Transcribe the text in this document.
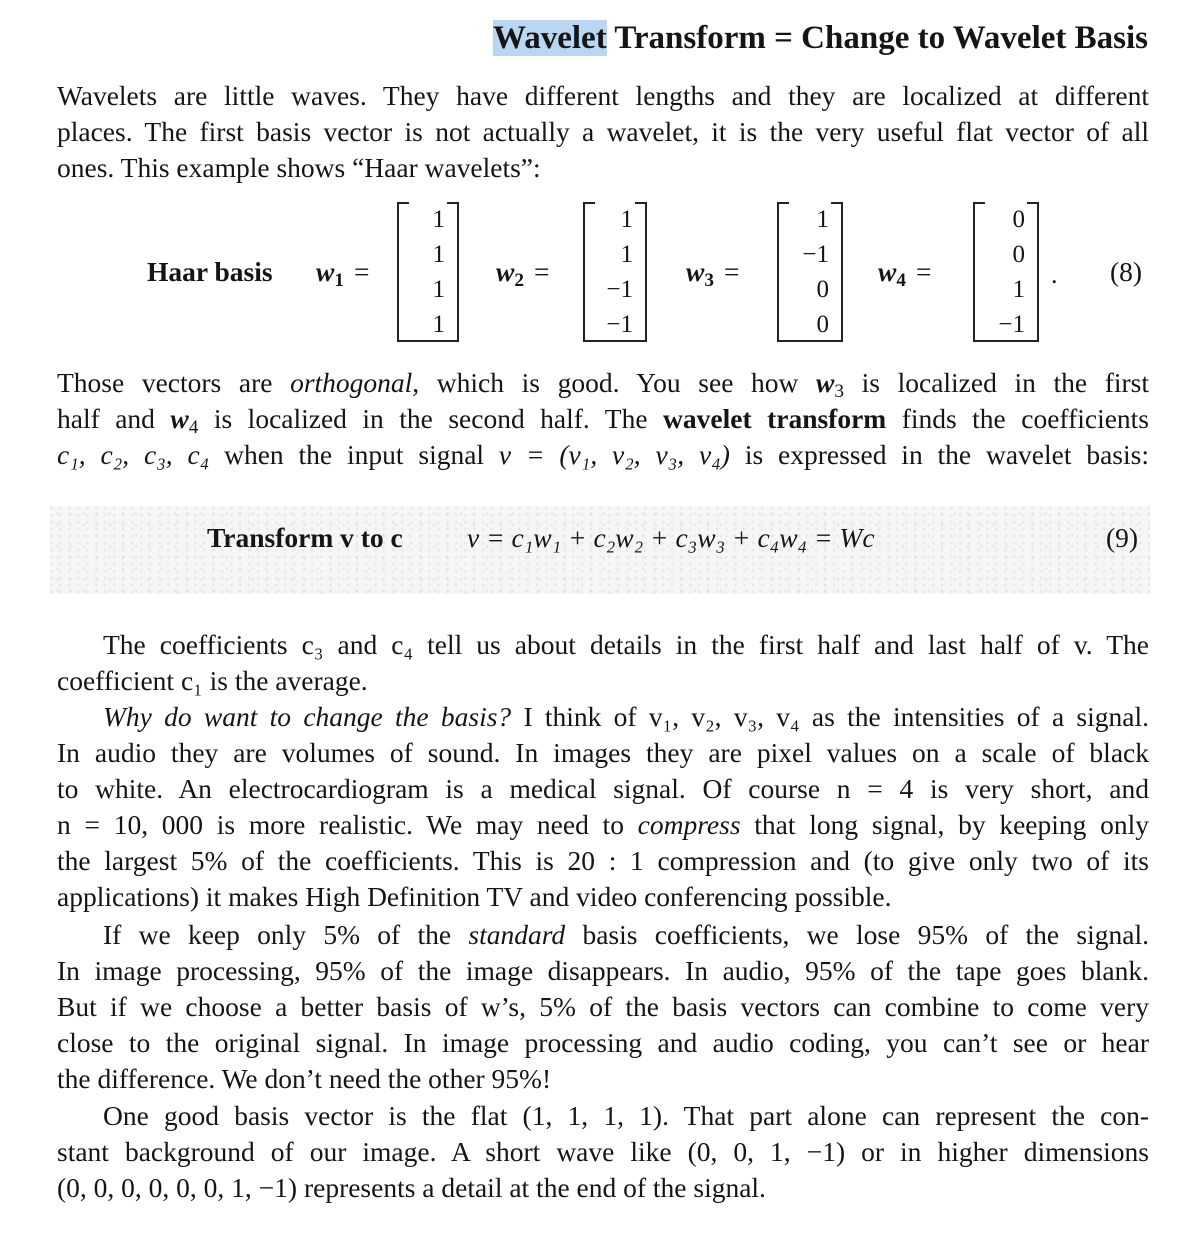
Wavelet Transform = Change to Wavelet Basis
Wavelets are little waves. They have different lengths and they are localized at different
places. The first basis vector is not actually a wavelet, it is the very useful flat vector of all
ones. This example shows “Haar wavelets”:
Haar basis $w_1$ =
1
1
1
1
$w_2$ =
1
1
−1
−1
$w_3$ =
1
−1
0
0
$w_4$ =
0
0
1
−1
. (8)
Those vectors are orthogonal, which is good. You see how $w_3$ is localized in the first
half and $w_4$ is localized in the second half. The wavelet transform finds the coefficients
c₁, c₂, c₃, c₄ when the input signal v = (v₁, v₂, v₃, v₄) is expressed in the wavelet basis:
Transform v to c v = c₁w₁ + c₂w₂ + c₃w₃ + c₄w₄ = Wc	(9)
The coefficients c₃ and c₄ tell us about details in the first half and last half of v. The
coefficient c₁ is the average.
Why do want to change the basis? I think of v₁, v₂, v₃, v₄ as the intensities of a signal.
In audio they are volumes of sound. In images they are pixel values on a scale of black
to white. An electrocardiogram is a medical signal. Of course n = 4 is very short, and
n = 10, 000 is more realistic. We may need to compress that long signal, by keeping only
the largest 5% of the coefficients. This is 20 : 1 compression and (to give only two of its
applications) it makes High Definition TV and video conferencing possible.
If we keep only 5% of the standard basis coefficients, we lose 95% of the signal.
In image processing, 95% of the image disappears. In audio, 95% of the tape goes blank.
But if we choose a better basis of w’s, 5% of the basis vectors can combine to come very
close to the original signal. In image processing and audio coding, you can’t see or hear
the difference. We don’t need the other 95%!
One good basis vector is the flat (1, 1, 1, 1). That part alone can represent the con-
stant background of our image. A short wave like (0, 0, 1, −1) or in higher dimensions
(0, 0, 0, 0, 0, 0, 1, −1) represents a detail at the end of the signal.
